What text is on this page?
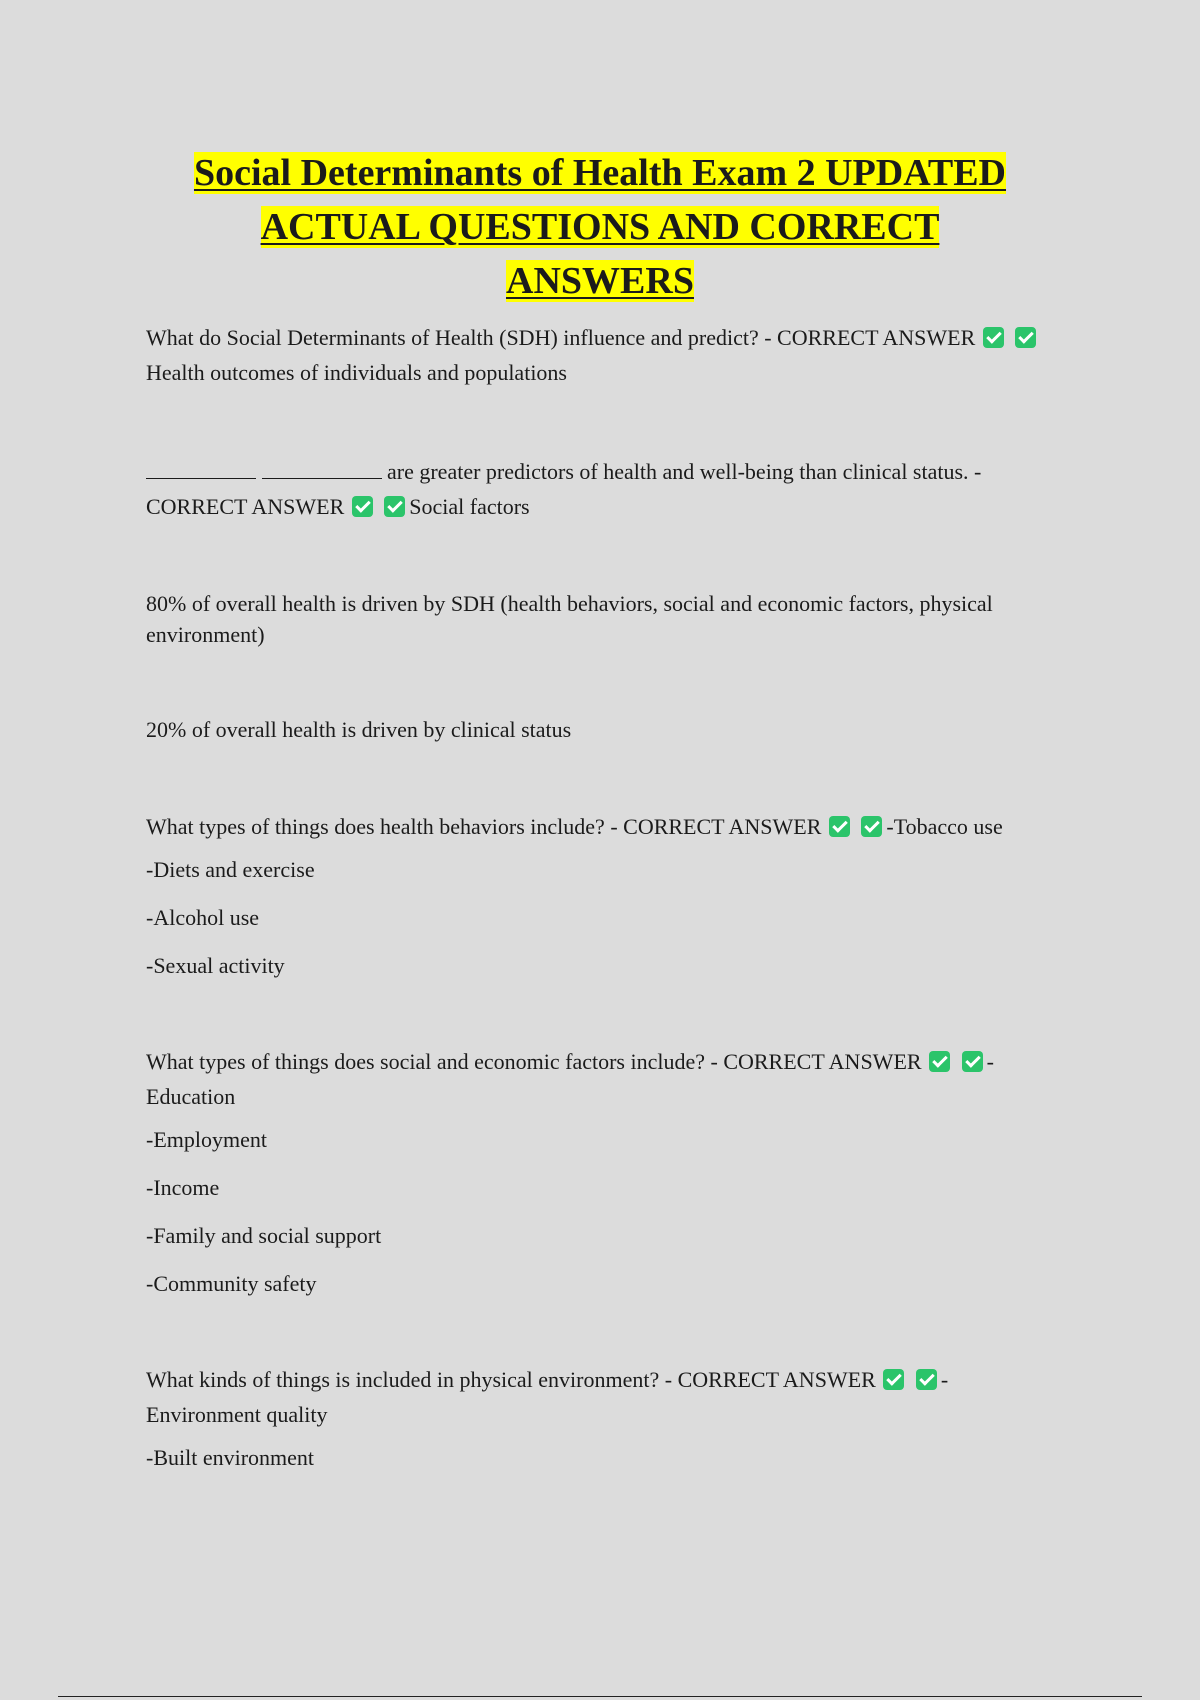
Social Determinants of Health Exam 2 UPDATED
ACTUAL QUESTIONS AND CORRECT
ANSWERS

What do Social Determinants of Health (SDH) influence and predict? - CORRECT ANSWER  Health outcomes of individuals and populations

are greater predictors of health and well-being than clinical status. - CORRECT ANSWER	Social factors

80% of overall health is driven by SDH (health behaviors, social and economic factors, physical environment)

20% of overall health is driven by clinical status

What types of things does health behaviors include? - CORRECT ANSWER	-Tobacco use

-Diets and exercise

-Alcohol use

-Sexual activity

What types of things does social and economic factors include? - CORRECT ANSWER	-Education

-Employment

-Income

-Family and social support

-Community safety

What kinds of things is included in physical environment? - CORRECT ANSWER	- Environment quality

-Built environment
